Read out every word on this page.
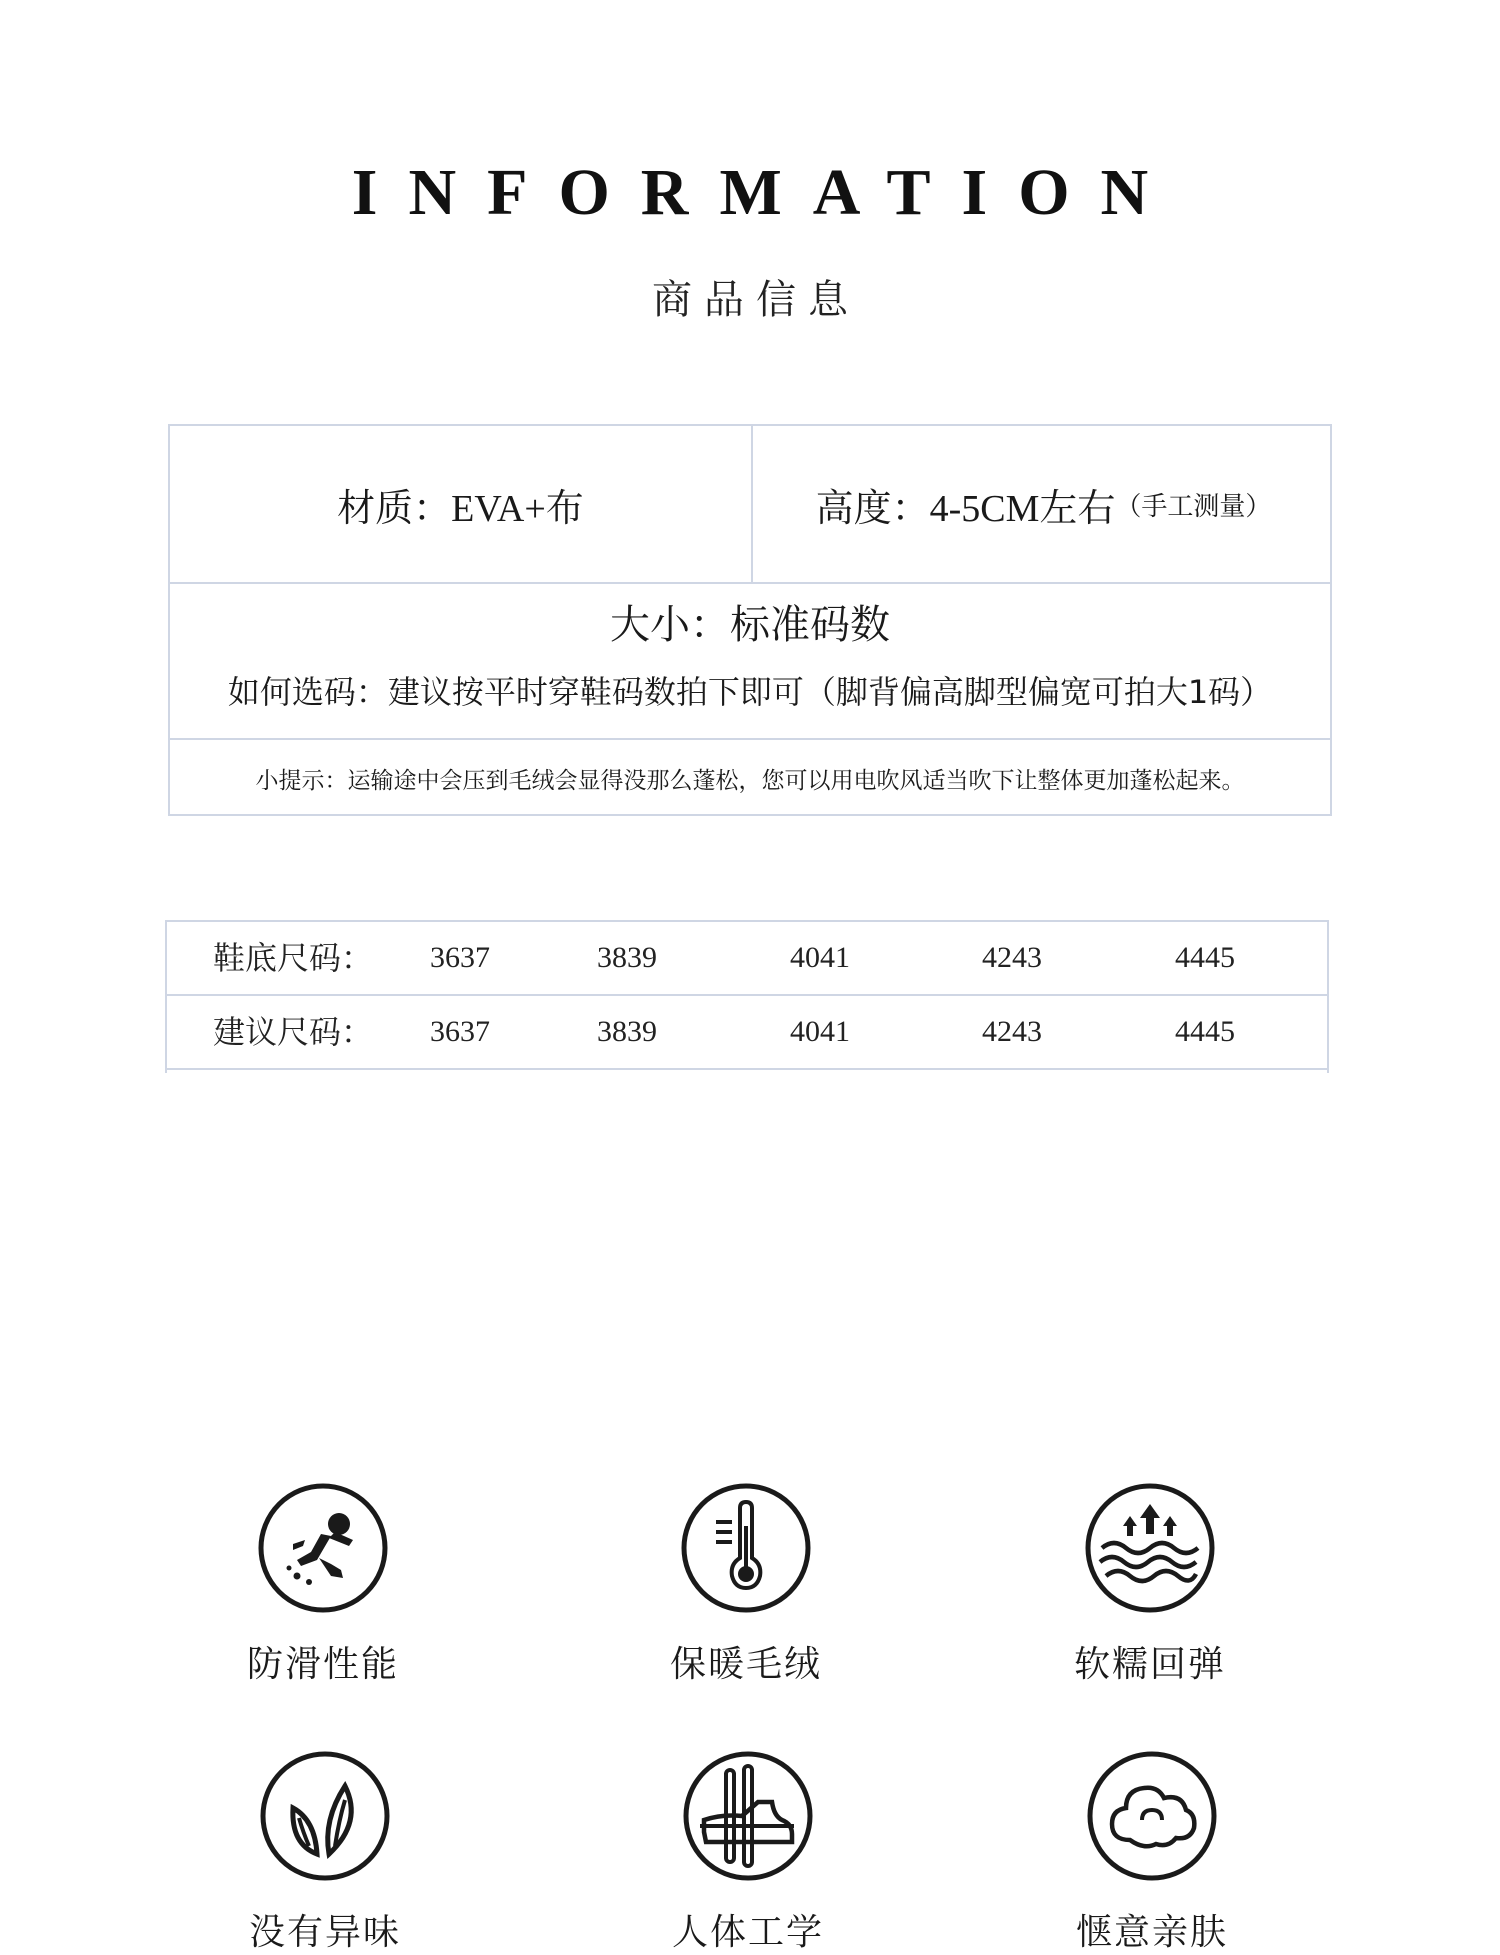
INFORMATION
商品信息
材质：EVA+布	高度：4-5CM左右 （手工测量）
大小：标准码数
如何选码：建议按平时穿鞋码数拍下即可（脚背偏高脚型偏宽可拍大1码）
小提示：运输途中会压到毛绒会显得没那么蓬松，您可以用电吹风适当吹下让整体更加蓬松起来。
鞋底尺码： 3637	3839	4041	4243	4445
建议尺码： 3637	3839	4041	4243	4445
防滑性能	保暖毛绒	软糯回弹
没有异味	人体工学	惬意亲肤
